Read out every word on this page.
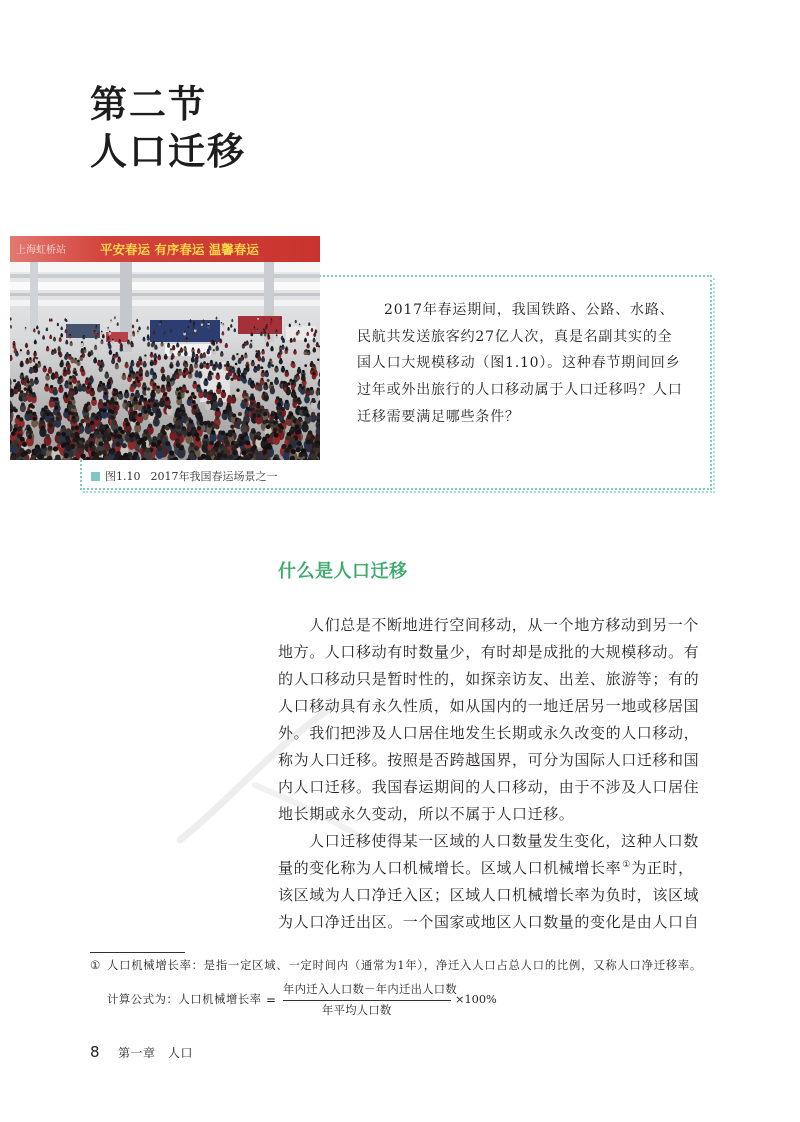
第二节
人口迁移
2017年春运期间，我国铁路、公路、水路、
民航共发送旅客约27亿人次，真是名副其实的全
国人口大规模移动（图1.10）。这种春节期间回乡
过年或外出旅行的人口移动属于人口迁移吗？人口
迁移需要满足哪些条件？
上海虹桥站	平安春运 有序春运 温馨春运
图1.10 2017年我国春运场景之一
什么是人口迁移
人们总是不断地进行空间移动，从一个地方移动到另一个
地方。人口移动有时数量少，有时却是成批的大规模移动。有
的人口移动只是暂时性的，如探亲访友、出差、旅游等；有的
人口移动具有永久性质，如从国内的一地迁居另一地或移居国
外。我们把涉及人口居住地发生长期或永久改变的人口移动，
称为人口迁移。按照是否跨越国界，可分为国际人口迁移和国
内人口迁移。我国春运期间的人口移动，由于不涉及人口居住
地长期或永久变动，所以不属于人口迁移。
人口迁移使得某一区域的人口数量发生变化，这种人口数
量的变化称为人口机械增长。区域人口机械增长率①为正时，
该区域为人口净迁入区；区域人口机械增长率为负时，该区域
为人口净迁出区。一个国家或地区人口数量的变化是由人口自
① 人口机械增长率：是指一定区域、一定时间内（通常为1年），净迁入人口占总人口的比例，又称人口净迁移率。
计算公式为：人口机械增长率 =
年内迁入人口数－年内迁出人口数
年平均人口数
×100%
8 第一章　人口
